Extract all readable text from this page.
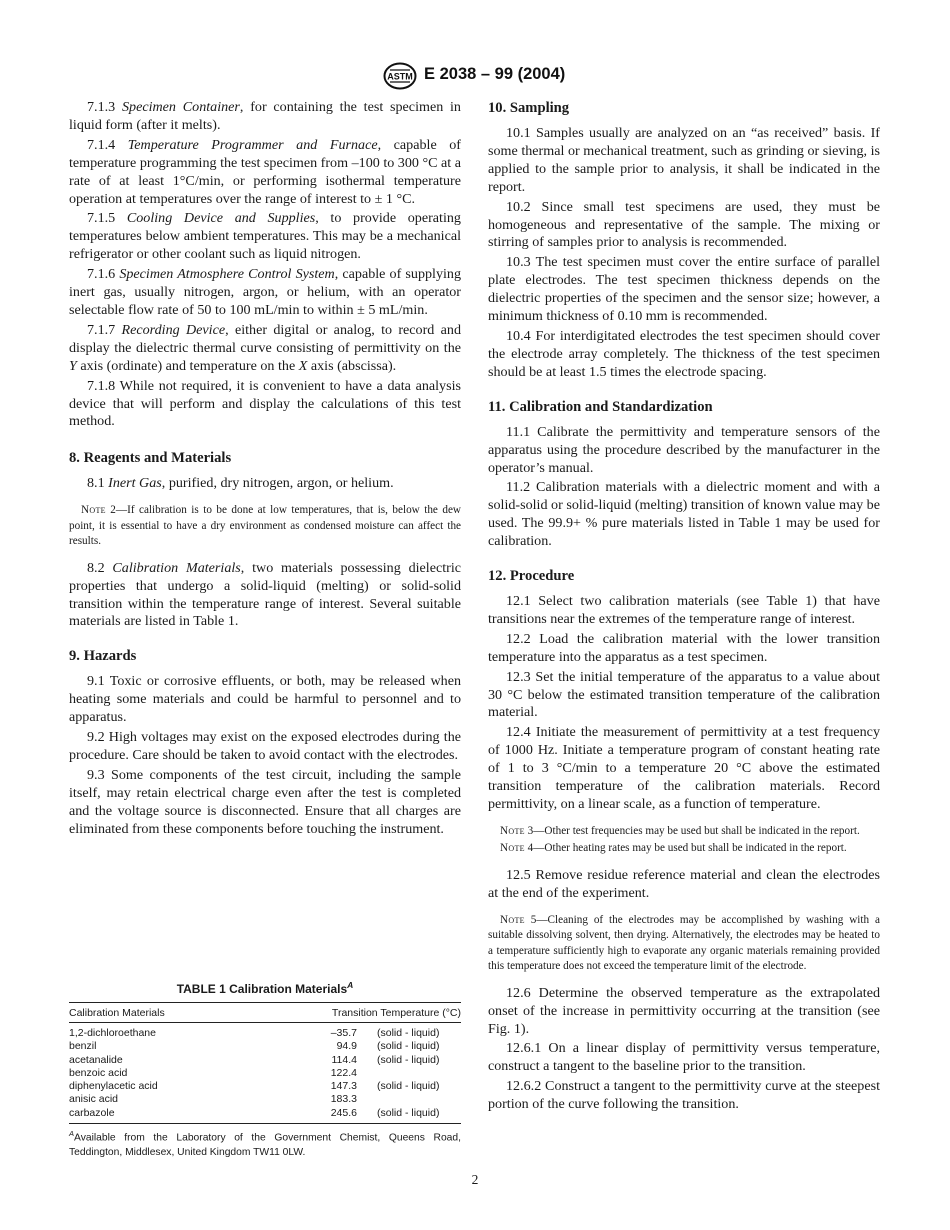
ASTM E 2038 – 99 (2004)

7.1.3 Specimen Container, for containing the test specimen in liquid form (after it melts).

7.1.4 Temperature Programmer and Furnace, capable of temperature programming the test specimen from –100 to 300 °C at a rate of at least 1°C/min, or performing isothermal temperature operation at temperatures over the range of interest to ± 1 °C.

7.1.5 Cooling Device and Supplies, to provide operating temperatures below ambient temperatures. This may be a mechanical refrigerator or other coolant such as liquid nitrogen.

7.1.6 Specimen Atmosphere Control System, capable of supplying inert gas, usually nitrogen, argon, or helium, with an operator selectable flow rate of 50 to 100 mL/min to within ± 5 mL/min.

7.1.7 Recording Device, either digital or analog, to record and display the dielectric thermal curve consisting of permittivity on the Y axis (ordinate) and temperature on the X axis (abscissa).

7.1.8 While not required, it is convenient to have a data analysis device that will perform and display the calculations of this test method.

8. Reagents and Materials

8.1 Inert Gas, purified, dry nitrogen, argon, or helium.

Note 2—If calibration is to be done at low temperatures, that is, below the dew point, it is essential to have a dry environment as condensed moisture can affect the results.

8.2 Calibration Materials, two materials possessing dielectric properties that undergo a solid-liquid (melting) or solid-solid transition within the temperature range of interest. Several suitable materials are listed in Table 1.

9. Hazards

9.1 Toxic or corrosive effluents, or both, may be released when heating some materials and could be harmful to personnel and to apparatus.

9.2 High voltages may exist on the exposed electrodes during the procedure. Care should be taken to avoid contact with the electrodes.

9.3 Some components of the test circuit, including the sample itself, may retain electrical charge even after the test is completed and the voltage source is disconnected. Ensure that all charges are eliminated from these components before touching the instrument.

TABLE 1 Calibration Materials$^A$
Calibration Materials	Transition Temperature (°C)	
1,2-dichloroethane	–35.7	(solid - liquid)
benzil	94.9	(solid - liquid)
acetanalide	114.4	(solid - liquid)
benzoic acid	122.4	
diphenylacetic acid	147.3	(solid - liquid)
anisic acid	183.3	
carbazole	245.6	(solid - liquid)
$^A$Available from the Laboratory of the Government Chemist, Queens Road, Teddington, Middlesex, United Kingdom TW11 0LW.
10. Sampling

10.1 Samples usually are analyzed on an “as received” basis. If some thermal or mechanical treatment, such as grinding or sieving, is applied to the sample prior to analysis, it shall be indicated in the report.

10.2 Since small test specimens are used, they must be homogeneous and representative of the sample. The mixing or stirring of samples prior to analysis is recommended.

10.3 The test specimen must cover the entire surface of parallel plate electrodes. The test specimen thickness depends on the dielectric properties of the specimen and the sensor size; however, a minimum thickness of 0.10 mm is recommended.

10.4 For interdigitated electrodes the test specimen should cover the electrode array completely. The thickness of the test specimen should be at least 1.5 times the electrode spacing.

11. Calibration and Standardization

11.1 Calibrate the permittivity and temperature sensors of the apparatus using the procedure described by the manufacturer in the operator’s manual.

11.2 Calibration materials with a dielectric moment and with a solid-solid or solid-liquid (melting) transition of known value may be used. The 99.9+ % pure materials listed in Table 1 may be used for calibration.

12. Procedure

12.1 Select two calibration materials (see Table 1) that have transitions near the extremes of the temperature range of interest.

12.2 Load the calibration material with the lower transition temperature into the apparatus as a test specimen.

12.3 Set the initial temperature of the apparatus to a value about 30 °C below the estimated transition temperature of the calibration material.

12.4 Initiate the measurement of permittivity at a test frequency of 1000 Hz. Initiate a temperature program of constant heating rate of 1 to 3 °C/min to a temperature 20 °C above the estimated transition temperature of the calibration materials. Record permittivity, on a linear scale, as a function of temperature.

Note 3—Other test frequencies may be used but shall be indicated in the report.

Note 4—Other heating rates may be used but shall be indicated in the report.

12.5 Remove residue reference material and clean the electrodes at the end of the experiment.

Note 5—Cleaning of the electrodes may be accomplished by washing with a suitable dissolving solvent, then drying. Alternatively, the electrodes may be heated to a temperature sufficiently high to evaporate any organic materials remaining provided this temperature does not exceed the temperature limit of the electrode.

12.6 Determine the observed temperature as the extrapolated onset of the increase in permittivity occurring at the transition (see Fig. 1).

12.6.1 On a linear display of permittivity versus temperature, construct a tangent to the baseline prior to the transition.

12.6.2 Construct a tangent to the permittivity curve at the steepest portion of the curve following the transition.

2
